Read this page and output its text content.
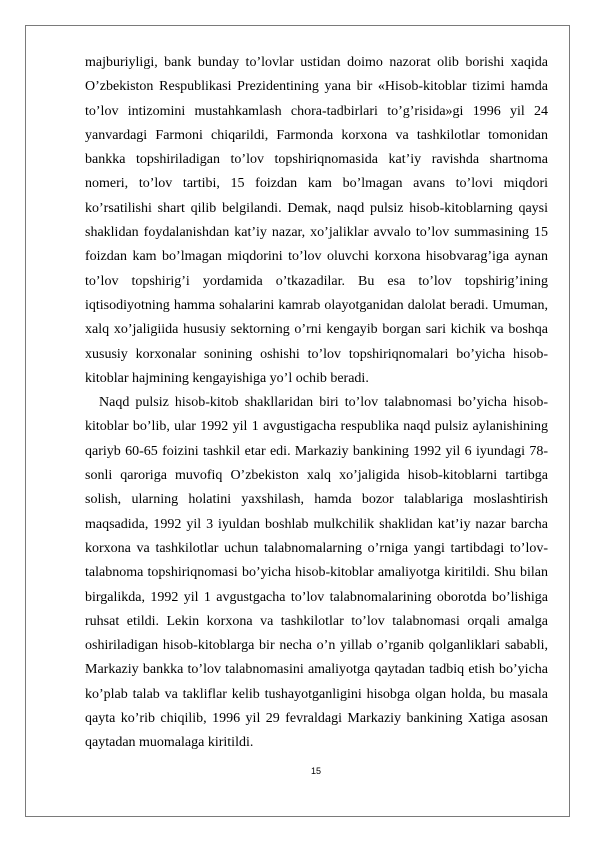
majburiyligi, bank bunday to’lovlar ustidan doimo nazorat olib borishi xaqida O’zbekiston Respublikasi Prezidentining yana bir «Hisob-kitoblar tizimi hamda to’lov intizomini mustahkamlash chora-tadbirlari to’g’risida»gi 1996 yil 24 yanvardagi Farmoni chiqarildi, Farmonda korxona va tashkilotlar tomonidan bankka topshiriladigan to’lov topshiriqnomasida kat’iy ravishda shartnoma nomeri, to’lov tartibi, 15 foizdan kam bo’lmagan avans to’lovi miqdori ko’rsatilishi shart qilib belgilandi. Demak, naqd pulsiz hisob-kitoblarning qaysi shaklidan foydalanishdan kat’iy nazar, xo’jaliklar avvalo to’lov summasining 15 foizdan kam bo’lmagan miqdorini to’lov oluvchi korxona hisobvarag’iga aynan to’lov topshirig’i yordamida o’tkazadilar. Bu esa to’lov topshirig’ining iqtisodiyotning hamma sohalarini kamrab olayotganidan dalolat beradi. Umuman, xalq xo’jaligiida hususiy sektorning o’rni kengayib borgan sari kichik va boshqa xususiy korxonalar sonining oshishi to’lov topshiriqnomalari bo’yicha hisob-kitoblar hajmining kengayishiga yo’l ochib beradi.

Naqd pulsiz hisob-kitob shakllaridan biri to’lov talabnomasi bo’yicha hisob-kitoblar bo’lib, ular 1992 yil 1 avgustigacha respublika naqd pulsiz aylanishining qariyb 60-65 foizini tashkil etar edi. Markaziy bankining 1992 yil 6 iyundagi 78-sonli qaroriga muvofiq O’zbekiston xalq xo’jaligida hisob-kitoblarni tartibga solish, ularning holatini yaxshilash, hamda bozor talablariga moslashtirish maqsadida, 1992 yil 3 iyuldan boshlab mulkchilik shaklidan kat’iy nazar barcha korxona va tashkilotlar uchun talabnomalarning o’rniga yangi tartibdagi to’lov-talabnoma topshiriqnomasi bo’yicha hisob-kitoblar amaliyotga kiritildi. Shu bilan birgalikda, 1992 yil 1 avgustgacha to’lov talabnomalarining oborotda bo’lishiga ruhsat etildi. Lekin korxona va tashkilotlar to’lov talabnomasi orqali amalga oshiriladigan hisob-kitoblarga bir necha o’n yillab o’rganib qolganliklari sababli, Markaziy bankka to’lov talabnomasini amaliyotga qaytadan tadbiq etish bo’yicha ko’plab talab va takliflar kelib tushayotganligini hisobga olgan holda, bu masala qayta ko’rib chiqilib, 1996 yil 29 fevraldagi Markaziy bankining Xatiga asosan qaytadan muomalaga kiritildi.

15
